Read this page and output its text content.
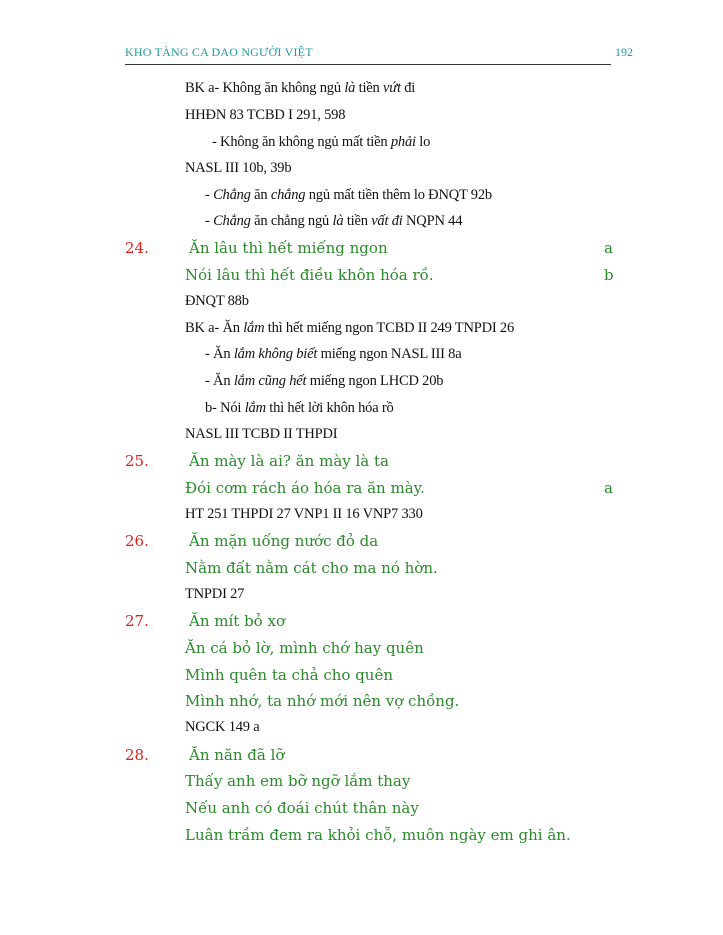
KHO TÀNG CA DAO NGƯỜI VIỆT	192
BK a- Không ăn không ngủ là tiền vứt đi
HHĐN 83 TCBD I 291, 598
- Không ăn không ngủ mất tiền phải lo
NASL III 10b, 39b
- Chẳng ăn chẳng ngủ mất tiền thêm lo ĐNQT 92b
- Chẳng ăn chẳng ngủ là tiền vất đi NQPN 44
24.	Ăn lâu thì hết miếng ngon	a
Nói lâu thì hết điều khôn hóa rồ.	b
ĐNQT 88b
BK a- Ăn lắm thì hết miếng ngon TCBD II 249 TNPDI 26
- Ăn lắm không biết miếng ngon NASL III 8a
- Ăn lắm cũng hết miếng ngon LHCD 20b
b- Nói lắm thì hết lời khôn hóa rồ
NASL III TCBD II THPDI
25.	Ăn mày là ai? ăn mày là ta
Đói cơm rách áo hóa ra ăn mày.	a
HT 251 THPDI 27 VNP1 II 16 VNP7 330
26.	Ăn mặn uống nước đỏ da
Nằm đất nằm cát cho ma nó hờn.
TNPDI 27
27.	Ăn mít bỏ xơ
Ăn cá bỏ lờ, mình chớ hay quên
Mình quên ta chả cho quên
Mình nhớ, ta nhớ mới nên vợ chồng.
NGCK 149 a
28.	Ăn năn đã lỡ
Thấy anh em bỡ ngỡ lắm thay
Nếu anh có đoái chút thân này
Luân trầm đem ra khỏi chỗ, muôn ngày em ghi ân.
